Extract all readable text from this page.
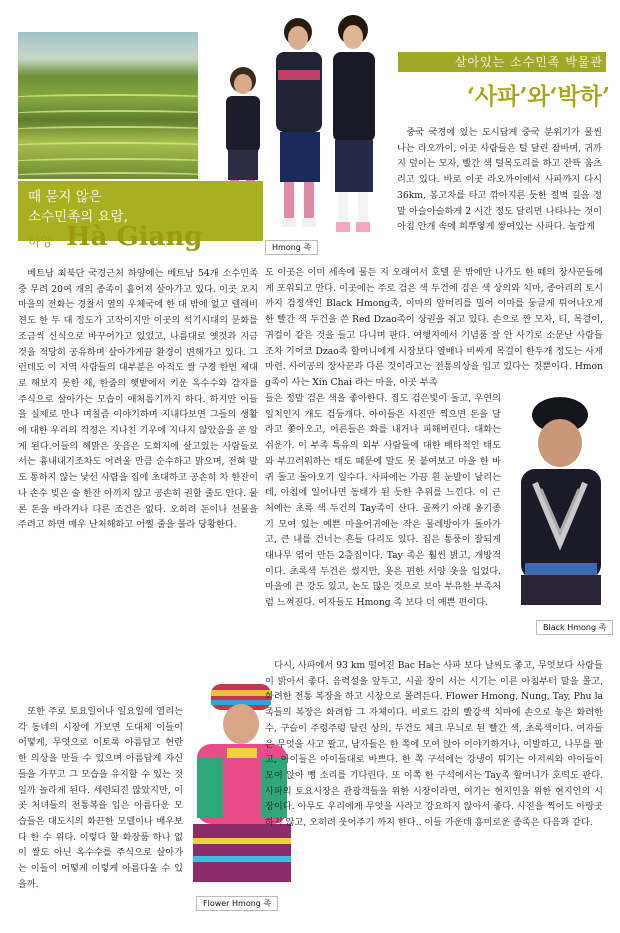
Hmong 족
살아있는 소수민족 박물관
‘사파’와‘박하’
때 묻지 않은
소수민족의 요람,
하양 Hà Giang
Black Hmong 족
Flower Hmong 족
중국 국경에 있는 도시답게 중국 분위기가 물씬 나는 라오까이, 이곳 사람들은 털 달린 잠바며, 귀까지 덮이는 모자, 빨간 색 털목도리를 하고 잔뜩 움츠리고 있다. 바로 이곳 라오까이에서 사파까지 다시 36km, 봉고차를 타고 깎아지른 듯한 절벽 길을 정말 아슬아슬하게 2 시간 정도 달리면 나타나는 것이 아침 안개 속에 희뿌옇게 쌓여있는 사파다. 놀랍게
도 이곳은 이미 세속에 물든 지 오래여서 호텔 문 밖에만 나가도 한 떼의 장사꾼들에게 포위되고 만다. 이곳에는 주로 검은 색 두건에 검은 색 상의와 치마, 종아리의 토시까지 검정색인 Black Hmong족, 이마의 앞머리를 밀어 이마를 둥글게 튀어나오게 한 빨간 색 두건을 쓴 Red Dzao족이 상권을 쥐고 있다. 손으로 짠 모자, 티, 목걸이, 귀걸이 같은 것을 들고 다니며 판다. 여행지에서 기념품 잘 안 사기로 소문난 사람들조차 기어코 Dzao족 할머니에게 시장보다 열배나 비싸게 목걸이 한두개 정도는 사게 마련. 사이공의 장사꾼과 다른 것이라고는 전통의상을 입고 있다는 것뿐이다. Hmong족이 사는 Xin Chai 라는 마을, 이곳 부족
들은 정말 검은 색을 좋아한다. 집도 검은빛이 돌고, 우연의 일치인지 개도 검둥개다. 아이들은 사진만 찍으면 돈을 달라고 쫓아오고, 어른들은 화를 내거나 피해버린다. 대화는 쉬운가. 이 부족 특유의 외부 사람들에 대한 배타적인 태도와 부끄러워하는 태도 때문에 말도 못 붙여보고 마을 한 바퀴 돌고 돌아오기 일수다. 사파에는 가끔 흰 눈발이 날리는데, 아침에 일어나면 동태가 된 듯한 추위를 느낀다. 이 근처에는 초록 색 두건의 Tay족이 산다. 골짜기 아래 옹기종기 모여 있는 예쁜 마을어귀에는 작은 물레방아가 돌아가고, 큰 내를 건너는 흔들 다리도 있다. 집은 통풍이 잘되게 대나무 엮어 만든 2층집이다. Tay 족은 훨씬 밝고, 개방적이다. 초록색 두건은 썼지만, 옷은 편한 서양 옷을 입었다. 마을에 큰 강도 있고, 논도 많은 것으로 보아 부유한 부족처럼 느껴진다. 여자들도 Hmong 족 보다 더 예쁜 편이다.
다시, 사파에서 93 km 떨어진 Bac Ha는 사파 보다 날씨도 좋고, 무엇보다 사람들이 밝아서 좋다. 음력설을 앞두고, 시골 장이 서는 시기는 이른 아침부터 말을 몰고, 화려한 전통 복장을 하고 시장으로 몰려든다. Flower Hmong, Nung, Tay, Phu la 족들의 복장은 화려함 그 자체이다. 비로드 감의 빨강색 치마에 손으로 놓은 화려한 수, 구슬이 주렁주렁 달린 상의, 두건도 체크 무늬로 된 빨간 색, 초록색이다. 여자들은 무엇을 사고 팔고, 남자들은 한 쪽에 모여 앉아 이야기하거나, 이발하고, 나무를 팔고, 아이들은 아이들대로 바쁘다. 한 쪽 구석에는 강냉이 튀기는 아저씨와 아이들이 모여 앉아 뻥 소리를 기다린다. 또 이쪽 한 구석에서는 Tay족 할머니가 호떡도 판다. 사파의 토요시장은 관광객들을 위한 시장이라면, 여기는 현지인을 위한 현지인의 시장이다. 아무도 우리에게 무엇을 사라고 강요하지 않아서 좋다. 사진을 찍어도 아랑곳하지 않고, 오히려 웃어주기 까지 한다.. 이들 가운데 흥미로운 종족은 다음과 같다.
베트남 최북단 국경근처 하양에는 베트남 54개 소수민족 중 무려 20여 개의 종족이 흩어져 살아가고 있다. 이곳 오지 마을의 전화는 경찰서 옆의 우체국에 한 대 밖에 없고 텔레비젼도 한 두 대 정도가 고작이지만 이곳의 석기시대의 문화를 조금씩 신식으로 바꾸어가고 있었고, 나름대로 옛것과 지금 것을 적당히 공유하며 살아가게끔 환경이 변해가고 있다. 그런데도 이 지역 사람들의 대부분은 아직도 쌀 구경 한번 제대로 해보지 못한 채, 한줌의 햇밭에서 키운 옥수수와 감자를 주식으로 살아가는 모습이 애처롭기까지 하다. 하지만 이들을 실제로 만나 며칠즘 이야기하며 지내다보면 그들의 생활에 대한 우리의 걱정은 지나친 기우에 지나지 않았음을 곧 알게 된다.이들의 해맑은 웃음은 도회지에 살고있는 사람들로서는 흉내내기조차도 어려울 만큼 순수하고 맑으며, 전혀 말도 통하지 않는 낯선 사람을 집에 초대하고 공손히 차 한잔이나 손수 빚은 술 한잔 아끼지 않고 공손히 권할 줄도 안다. 물론 돈을 바라거나 다른 조건은 없다. 오히려 돈이나 선물을 주려고 하면 매우 난처해하고 어쩔 줄을 몰라 당황한다.
또한 주로 토요일이나 일요일에 열리는 각 동네의 시장에 가보면 도대체 이들이 어떻게, 무엇으로 이토록 아름답고 현란한 의상을 만들 수 있으며 아름답게 자신들을 가꾸고 그 모습을 유지할 수 있는 것일까 놀라게 된다. 세련되진 않았지만, 이곳 처녀들의 전통복을 입은 아름다운 모습들은 대도시의 화끈한 모델이나 배우보다 한 수 위다. 이렇다 할 화장품 하나 없이 쌀도 아닌 옥수수를 주식으로 살아가는 이들이 어떻게 이렇게 아름다울 수 있을까.
